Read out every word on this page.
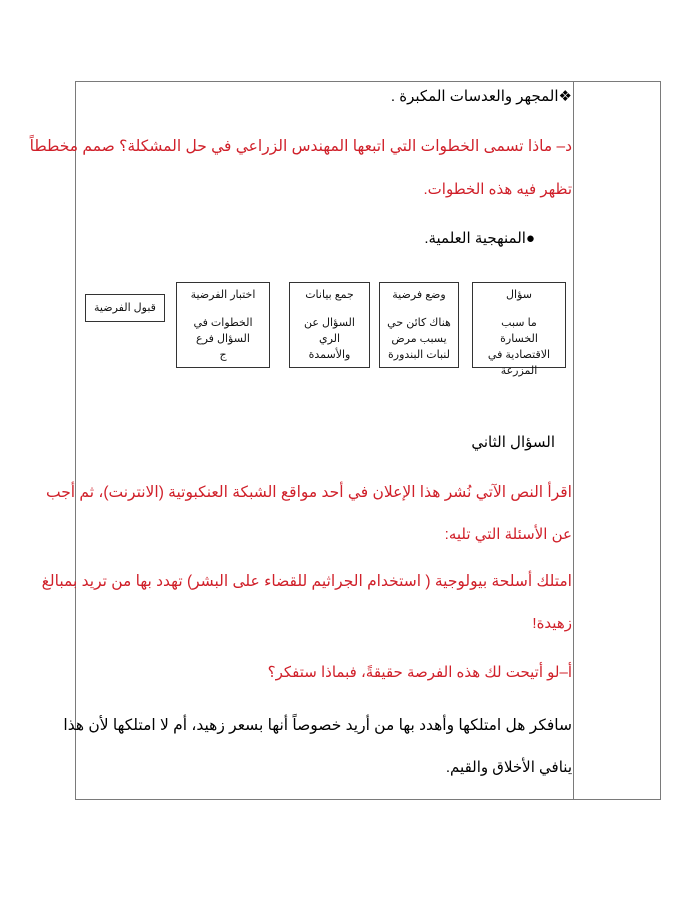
❖المجهر والعدسات المكبرة .
د– ماذا تسمى الخطوات التي اتبعها المهندس الزراعي في حل المشكلة؟ صمم مخططاً
تظهر فيه هذه الخطوات.
●المنهجية العلمية.
سؤال
ما سبب الخسارة الاقتصادية في المزرعة
وضع فرضية
هناك كائن حي يسبب مرض لنبات البندورة
جمع بيانات
السؤال عن الري والأسمدة
اختبار الفرضية
الخطوات في السؤال فرع ج
قبول الفرضية
السؤال الثاني
اقرأ النص الآتي نُشر هذا الإعلان في أحد مواقع الشبكة العنكبوتية (الانترنت)، ثم أجب
عن الأسئلة التي تليه:
امتلك أسلحة بيولوجية ( استخدام الجراثيم للقضاء على البشر) تهدد بها من تريد بمبالغ
زهيدة!
أ–لو أتيحت لك هذه الفرصة حقيقةً، فبماذا ستفكر؟
سافكر هل امتلكها وأهدد بها من أريد خصوصاً أنها بسعر زهيد، أم لا امتلكها لأن هذا
ينافي الأخلاق والقيم.
